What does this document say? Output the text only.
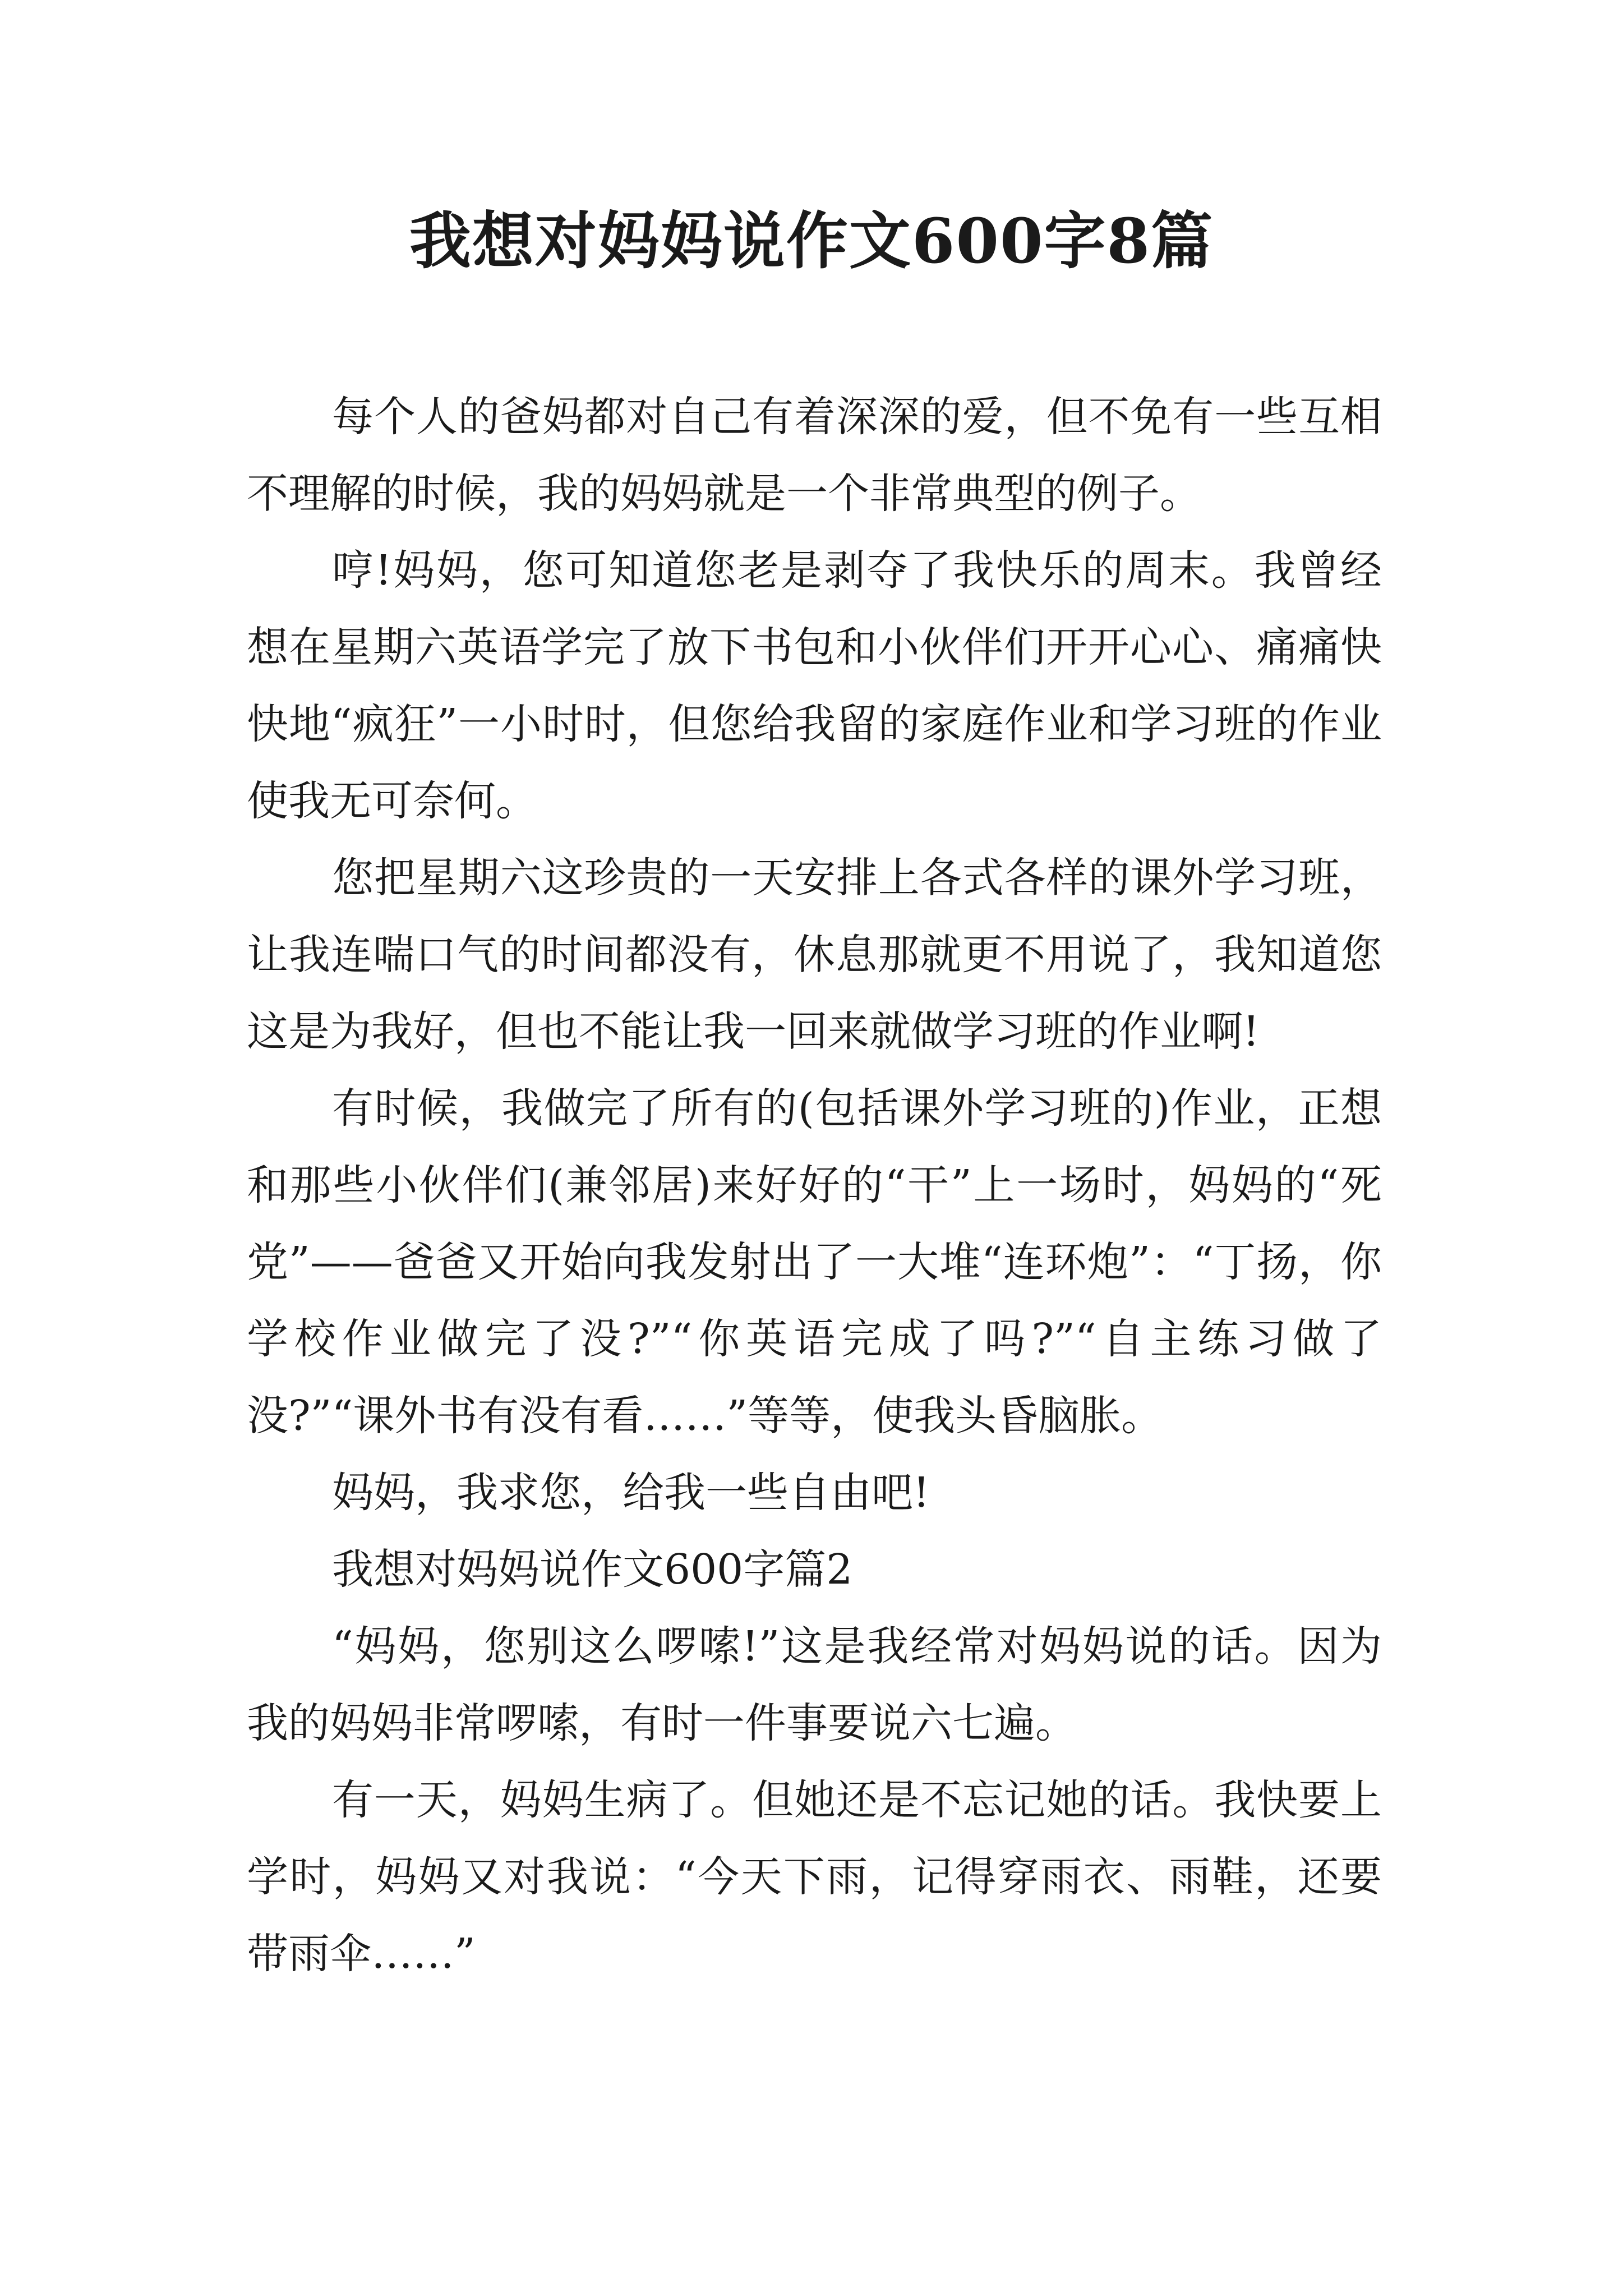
我想对妈妈说作文600字8篇

每个人的爸妈都对自己有着深深的爱，但不免有一些互相不理解的时候，我的妈妈就是一个非常典型的例子。

哼!妈妈，您可知道您老是剥夺了我快乐的周末。我曾经想在星期六英语学完了放下书包和小伙伴们开开心心、痛痛快快地“疯狂”一小时时，但您给我留的家庭作业和学习班的作业使我无可奈何。

您把星期六这珍贵的一天安排上各式各样的课外学习班，让我连喘口气的时间都没有，休息那就更不用说了，我知道您这是为我好，但也不能让我一回来就做学习班的作业啊!

有时候，我做完了所有的(包括课外学习班的)作业，正想和那些小伙伴们(兼邻居)来好好的“干”上一场时，妈妈的“死党”——爸爸又开始向我发射出了一大堆“连环炮”：“丁扬，你学校作业做完了没?”“你英语完成了吗?”“自主练习做了没?”“课外书有没有看……”等等，使我头昏脑胀。

妈妈，我求您，给我一些自由吧!

我想对妈妈说作文600字篇2

“妈妈，您别这么啰嗦!”这是我经常对妈妈说的话。因为我的妈妈非常啰嗦，有时一件事要说六七遍。

有一天，妈妈生病了。但她还是不忘记她的话。我快要上学时，妈妈又对我说：“今天下雨，记得穿雨衣、雨鞋，还要带雨伞……”
